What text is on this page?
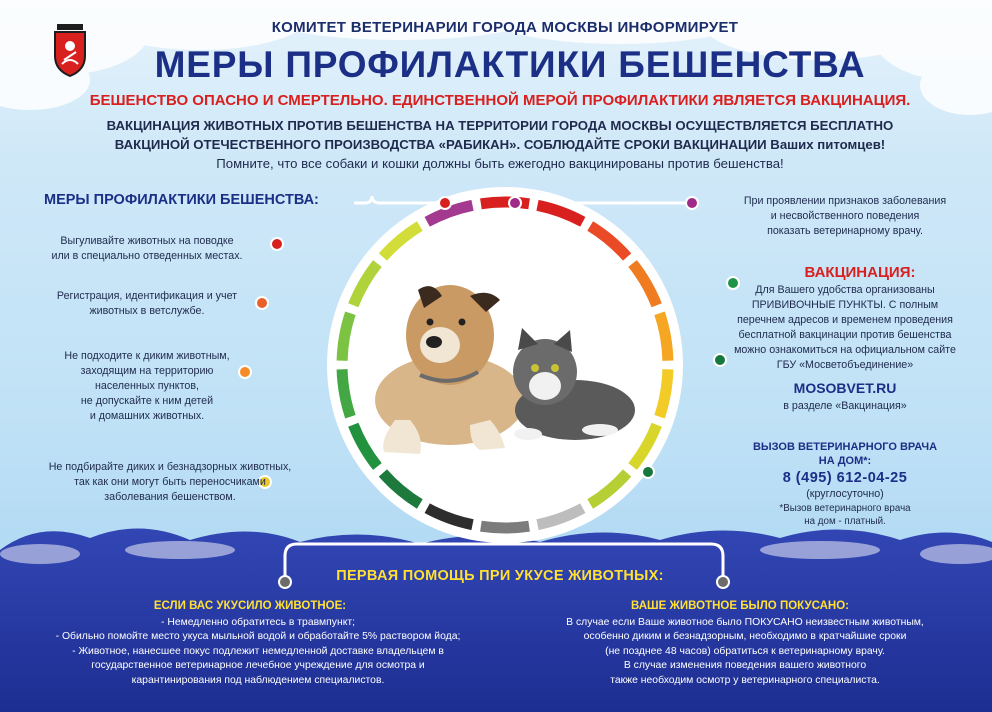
КОМИТЕТ ВЕТЕРИНАРИИ ГОРОДА МОСКВЫ ИНФОРМИРУЕТ
МЕРЫ ПРОФИЛАКТИКИ БЕШЕНСТВА
БЕШЕНСТВО ОПАСНО И СМЕРТЕЛЬНО. ЕДИНСТВЕННОЙ МЕРОЙ ПРОФИЛАКТИКИ ЯВЛЯЕТСЯ ВАКЦИНАЦИЯ.
ВАКЦИНАЦИЯ ЖИВОТНЫХ ПРОТИВ БЕШЕНСТВА НА ТЕРРИТОРИИ ГОРОДА МОСКВЫ ОСУЩЕСТВЛЯЕТСЯ БЕСПЛАТНО
ВАКЦИНОЙ ОТЕЧЕСТВЕННОГО ПРОИЗВОДСТВА «РАБИКАН». СОБЛЮДАЙТЕ СРОКИ ВАКЦИНАЦИИ Ваших питомцев!
Помните, что все собаки и кошки должны быть ежегодно вакцинированы против бешенства!
МЕРЫ ПРОФИЛАКТИКИ БЕШЕНСТВА:
Выгуливайте животных на поводке
или в специально отведенных местах.
Регистрация, идентификация и учет
животных в ветслужбе.
Не подходите к диким животным,
заходящим на территорию
населенных пунктов,
не допускайте к ним детей
и домашних животных.
Не подбирайте диких и безнадзорных животных,
так как они могут быть переносчиками
заболевания бешенством.
При проявлении признаков заболевания
и несвойственного поведения
показать ветеринарному врачу.
ВАКЦИНАЦИЯ:
Для Вашего удобства организованы
ПРИВИВОЧНЫЕ ПУНКТЫ. С полным
перечнем адресов и временем проведения
бесплатной вакцинации против бешенства
можно ознакомиться на официальном сайте
ГБУ «Мосветобъединение»
MOSOBVET.RU
в разделе «Вакцинация»
ВЫЗОВ ВЕТЕРИНАРНОГО ВРАЧА
НА ДОМ*:
8 (495) 612-04-25
(круглосуточно)
*Вызов ветеринарного врача
на дом - платный.
ПЕРВАЯ ПОМОЩЬ ПРИ УКУСЕ ЖИВОТНЫХ:
ЕСЛИ ВАС УКУСИЛО ЖИВОТНОЕ:	ВАШЕ ЖИВОТНОЕ БЫЛО ПОКУСАНО:
- Немедленно обратитесь в травмпункт;
- Обильно помойте место укуса мыльной водой и обработайте 5% раствором йода;
- Животное, нанесшее покус подлежит немедленной доставке владельцем в
государственное ветеринарное лечебное учреждение для осмотра и
карантинирования под наблюдением специалистов.
В случае если Ваше животное было ПОКУСАНО неизвестным животным,
особенно диким и безнадзорным, необходимо в кратчайшие сроки
(не позднее 48 часов) обратиться к ветеринарному врачу.
В случае изменения поведения вашего животного
также необходим осмотр у ветеринарного специалиста.
